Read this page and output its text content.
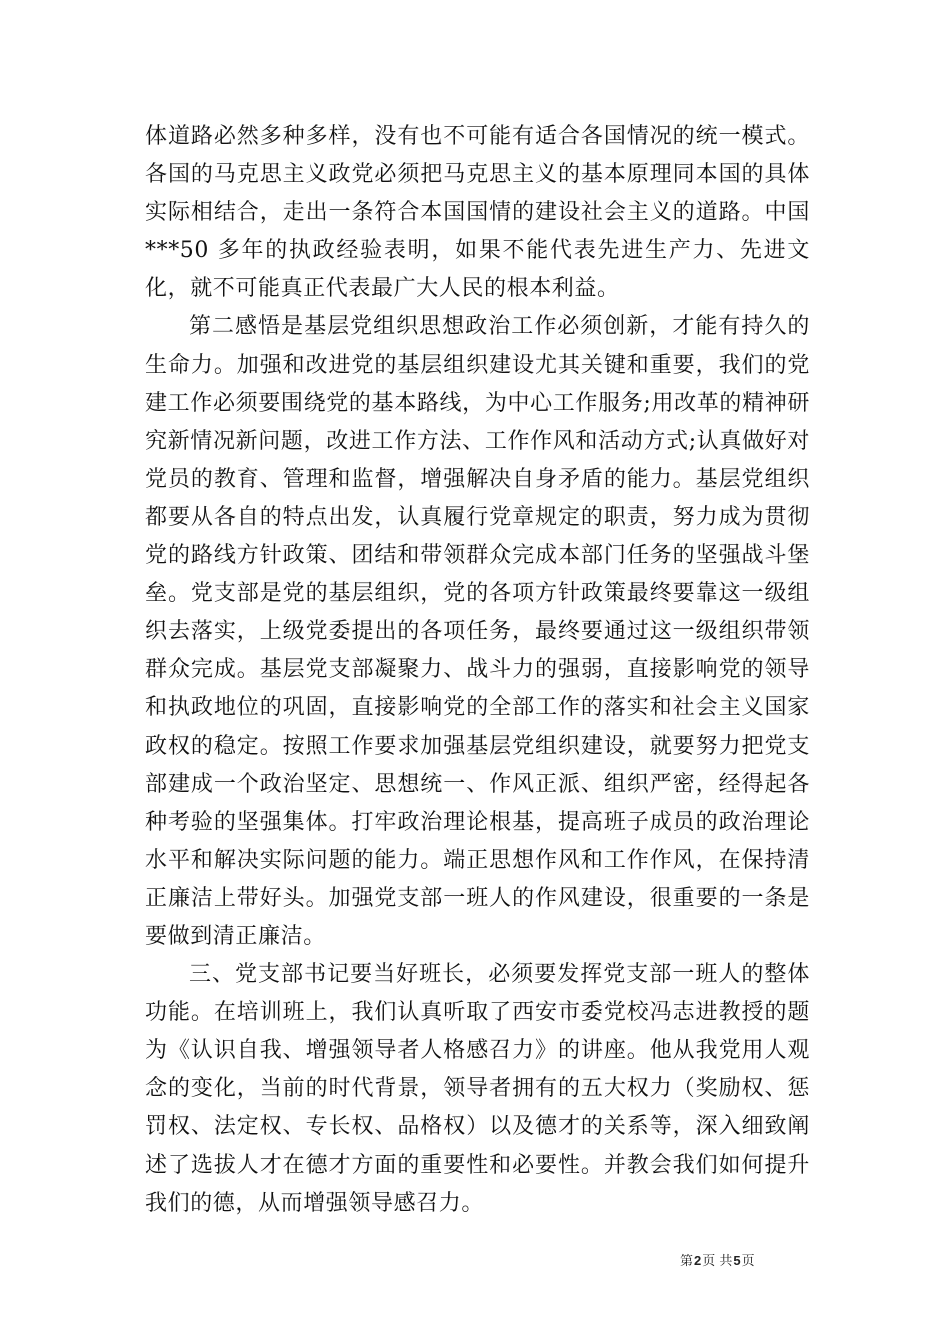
体道路必然多种多样，没有也不可能有适合各国情况的统一模式。各国的马克思主义政党必须把马克思主义的基本原理同本国的具体实际相结合，走出一条符合本国国情的建设社会主义的道路。中国***50 多年的执政经验表明，如果不能代表先进生产力、先进文化，就不可能真正代表最广大人民的根本利益。

第二感悟是基层党组织思想政治工作必须创新，才能有持久的生命力。加强和改进党的基层组织建设尤其关键和重要，我们的党建工作必须要围绕党的基本路线，为中心工作服务;用改革的精神研究新情况新问题，改进工作方法、工作作风和活动方式;认真做好对党员的教育、管理和监督，增强解决自身矛盾的能力。基层党组织都要从各自的特点出发，认真履行党章规定的职责，努力成为贯彻党的路线方针政策、团结和带领群众完成本部门任务的坚强战斗堡垒。党支部是党的基层组织，党的各项方针政策最终要靠这一级组织去落实，上级党委提出的各项任务，最终要通过这一级组织带领群众完成。基层党支部凝聚力、战斗力的强弱，直接影响党的领导和执政地位的巩固，直接影响党的全部工作的落实和社会主义国家政权的稳定。按照工作要求加强基层党组织建设，就要努力把党支部建成一个政治坚定、思想统一、作风正派、组织严密，经得起各种考验的坚强集体。打牢政治理论根基，提高班子成员的政治理论水平和解决实际问题的能力。端正思想作风和工作作风，在保持清正廉洁上带好头。加强党支部一班人的作风建设，很重要的一条是要做到清正廉洁。

三、党支部书记要当好班长，必须要发挥党支部一班人的整体功能。在培训班上，我们认真听取了西安市委党校冯志进教授的题为《认识自我、增强领导者人格感召力》的讲座。他从我党用人观念的变化，当前的时代背景，领导者拥有的五大权力（奖励权、惩罚权、法定权、专长权、品格权）以及德才的关系等，深入细致阐述了选拔人才在德才方面的重要性和必要性。并教会我们如何提升我们的德，从而增强领导感召力。

第2页 共5页
